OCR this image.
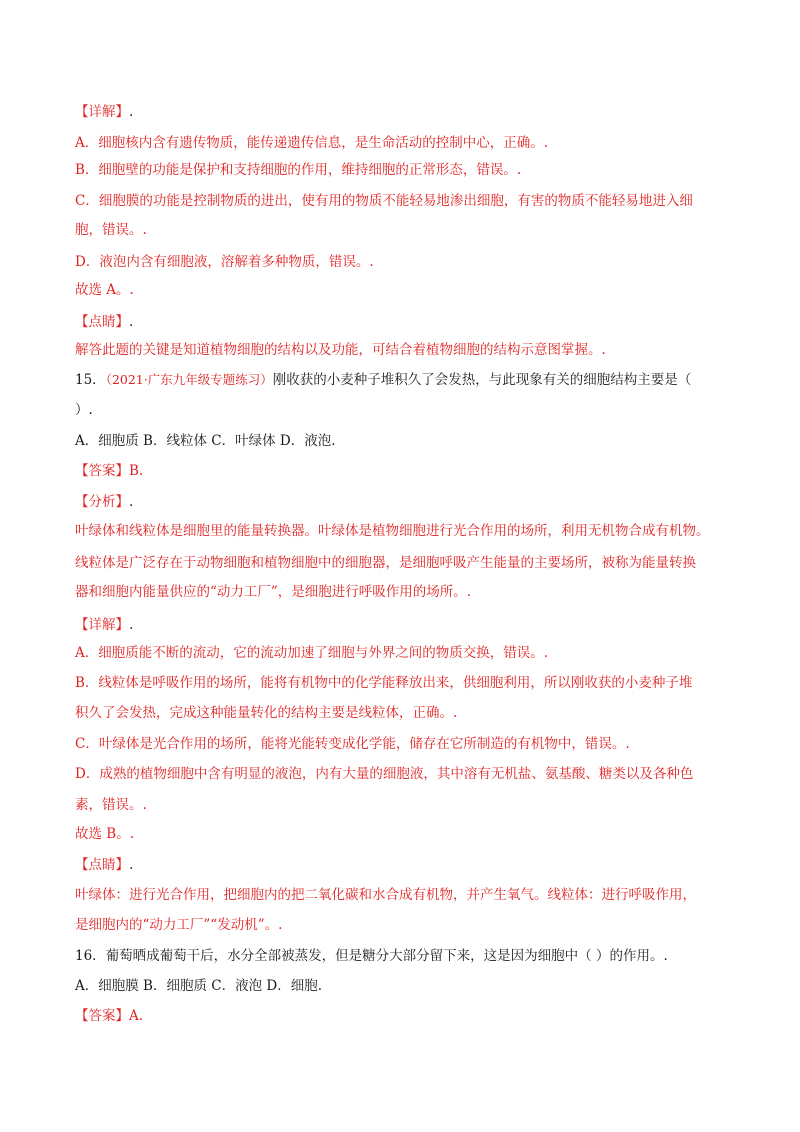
【详解】.
A．细胞核内含有遗传物质，能传递遗传信息，是生命活动的控制中心，正确。.
B．细胞壁的功能是保护和支持细胞的作用，维持细胞的正常形态，错误。.
C．细胞膜的功能是控制物质的进出，使有用的物质不能轻易地渗出细胞，有害的物质不能轻易地进入细
胞，错误。.
D．液泡内含有细胞液，溶解着多种物质，错误。.
故选 A。.
【点睛】.
解答此题的关键是知道植物细胞的结构以及功能，可结合着植物细胞的结构示意图掌握。.
15．（2021·广东九年级专题练习）刚收获的小麦种子堆积久了会发热，与此现象有关的细胞结构主要是（
）.
A．细胞质 B．线粒体 C．叶绿体 D．液泡.
【答案】B.
【分析】.
叶绿体和线粒体是细胞里的能量转换器。叶绿体是植物细胞进行光合作用的场所，利用无机物合成有机物。
线粒体是广泛存在于动物细胞和植物细胞中的细胞器，是细胞呼吸产生能量的主要场所，被称为能量转换
器和细胞内能量供应的“动力工厂”，是细胞进行呼吸作用的场所。.
【详解】.
A．细胞质能不断的流动，它的流动加速了细胞与外界之间的物质交换，错误。.
B．线粒体是呼吸作用的场所，能将有机物中的化学能释放出来，供细胞利用，所以刚收获的小麦种子堆
积久了会发热，完成这种能量转化的结构主要是线粒体，正确。.
C．叶绿体是光合作用的场所，能将光能转变成化学能，储存在它所制造的有机物中，错误。.
D．成熟的植物细胞中含有明显的液泡，内有大量的细胞液，其中溶有无机盐、氨基酸、糖类以及各种色
素，错误。.
故选 B。.
【点睛】.
叶绿体：进行光合作用，把细胞内的把二氧化碳和水合成有机物，并产生氧气。线粒体：进行呼吸作用，
是细胞内的“动力工厂”“发动机”。.
16．葡萄晒成葡萄干后，水分全部被蒸发，但是糖分大部分留下来，这是因为细胞中（ ）的作用。.
A．细胞膜 B．细胞质 C．液泡 D．细胞.
【答案】A.
